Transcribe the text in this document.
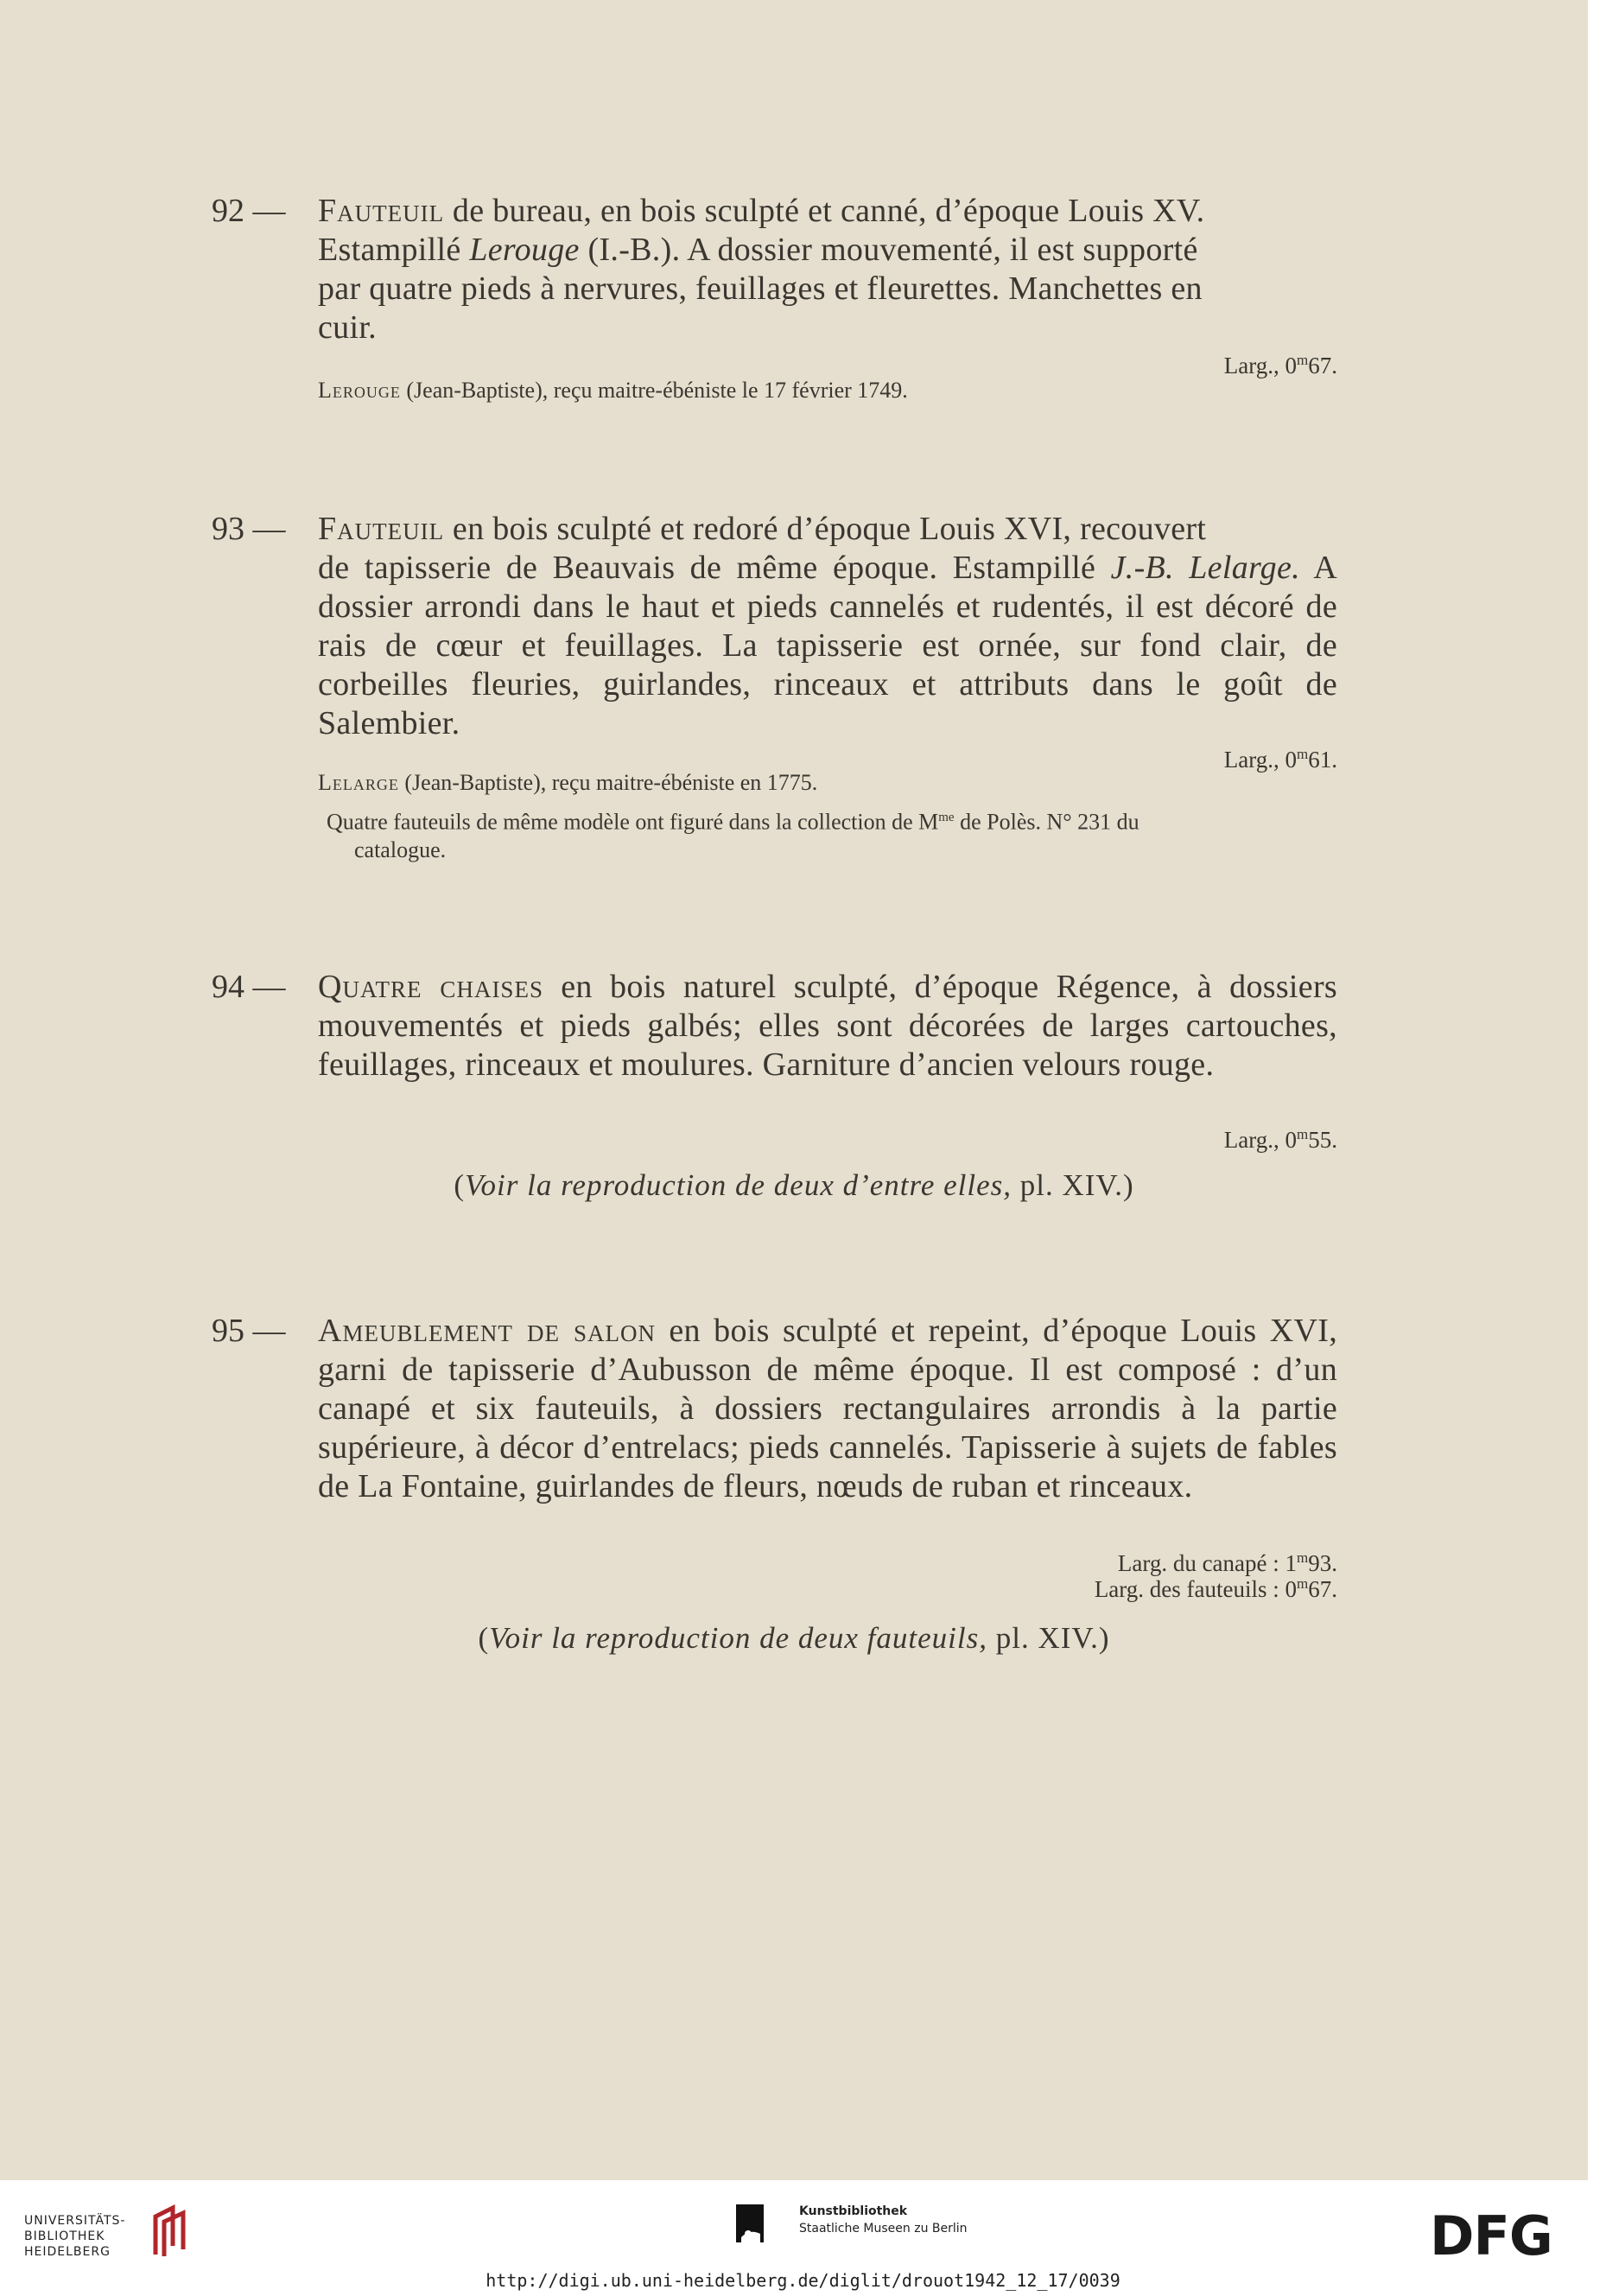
92 — Fauteuil de bureau, en bois sculpté et canné, d’époque Louis XV.
Estampillé Lerouge (I.-B.). A dossier mouvementé, il est supporté
par quatre pieds à nervures, feuillages et fleurettes. Manchettes en
cuir.
Larg., 0$^m$67.
Lerouge (Jean-Baptiste), reçu maitre-ébéniste le 17 février 1749.
93 — Fauteuil en bois sculpté et redoré d’époque Louis XVI, recouvert
de tapisserie de Beauvais de même époque. Estampillé J.-B. Lelarge. A dossier arrondi dans le haut et pieds cannelés et rudentés, il est décoré de rais de cœur et feuillages. La tapisserie est ornée, sur fond clair, de corbeilles fleuries, guirlandes, rinceaux et attributs dans le goût de Salembier.
Larg., 0$^m$61.
Lelarge (Jean-Baptiste), reçu maitre-ébéniste en 1775.
Quatre fauteuils de même modèle ont figuré dans la collection de $M^{me}$ de Polès. N° 231 du
catalogue.
94 — Quatre chaises en bois naturel sculpté, d’époque Régence, à dossiers mouvementés et pieds galbés; elles sont décorées de larges cartouches, feuillages, rinceaux et moulures. Garniture d’ancien velours rouge.
Larg., 0$^m$55.
(Voir la reproduction de deux d’entre elles, pl. XIV.)
95 — Ameublement de salon en bois sculpté et repeint, d’époque Louis XVI, garni de tapisserie d’Aubusson de même époque. Il est composé : d’un canapé et six fauteuils, à dossiers rectangulaires arrondis à la partie supérieure, à décor d’entrelacs; pieds cannelés. Tapisserie à sujets de fables de La Fontaine, guirlandes de fleurs, nœuds de ruban et rinceaux.
Larg. du canapé : 1$^m$93.
Larg. des fauteuils : 0$^m$67.
(Voir la reproduction de deux fauteuils, pl. XIV.)
UNIVERSITÄTS-
BIBLIOTHEK
HEIDELBERG
Kunstbibliothek
Staatliche Museen zu Berlin	DFG
http://digi.ub.uni-heidelberg.de/diglit/drouot1942_12_17/0039
